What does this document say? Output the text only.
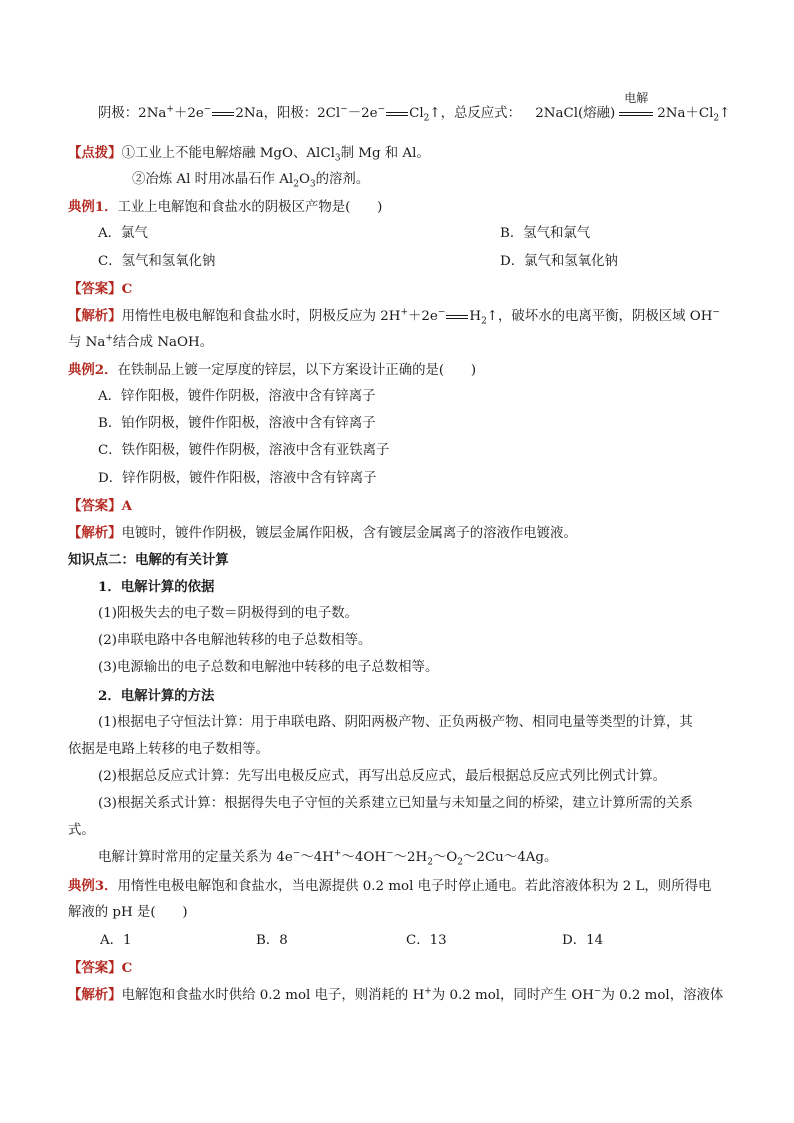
阴极：2Na+＋2e− 2Na，阳极：2Cl−－2e− $Cl_2↑$，总反应式： 2NaCl(熔融)
电解
$2Na+Cl_2↑$
【点拨】①工业上不能电解熔融 MgO、AlCl$_3$制 Mg 和 Al。
②冶炼 Al 时用冰晶石作 $Al_2O_3$的溶剂。
典例1．工业上电解饱和食盐水的阴极区产物是(　　)
A．氯气	B．氢气和氯气
C．氢气和氢氧化钠	D．氯气和氢氧化钠
【答案】C
【解析】用惰性电极电解饱和食盐水时，阴极反应为 2H+＋2e− $H_2↑$，破坏水的电离平衡，阴极区域 OH−
与 Na+结合成 NaOH。
典例2．在铁制品上镀一定厚度的锌层，以下方案设计正确的是(　　)
A．锌作阳极，镀件作阴极，溶液中含有锌离子
B．铂作阴极，镀件作阳极，溶液中含有锌离子
C．铁作阳极，镀件作阴极，溶液中含有亚铁离子
D．锌作阴极，镀件作阳极，溶液中含有锌离子
【答案】A
【解析】电镀时，镀件作阴极，镀层金属作阳极，含有镀层金属离子的溶液作电镀液。
知识点二：电解的有关计算
1．电解计算的依据
(1)阳极失去的电子数＝阴极得到的电子数。
(2)串联电路中各电解池转移的电子总数相等。
(3)电源输出的电子总数和电解池中转移的电子总数相等。
2．电解计算的方法
(1)根据电子守恒法计算：用于串联电路、阴阳两极产物、正负两极产物、相同电量等类型的计算，其
依据是电路上转移的电子数相等。
(2)根据总反应式计算：先写出电极反应式，再写出总反应式，最后根据总反应式列比例式计算。
(3)根据关系式计算：根据得失电子守恒的关系建立已知量与未知量之间的桥梁，建立计算所需的关系
式。
电解计算时常用的定量关系为 $4e^-\sim 4H^+\sim 4OH^-\sim 2H_2\sim O_2\sim 2Cu\sim 4Ag$。
典例3．用惰性电极电解饱和食盐水，当电源提供 0.2 mol 电子时停止通电。若此溶液体积为 2 L，则所得电
解液的 pH 是(　　)
A．1	B．8	C．13	D．14
【答案】C
【解析】电解饱和食盐水时供给 0.2 mol 电子，则消耗的 H+为 0.2 mol，同时产生 OH−为 0.2 mol，溶液体
